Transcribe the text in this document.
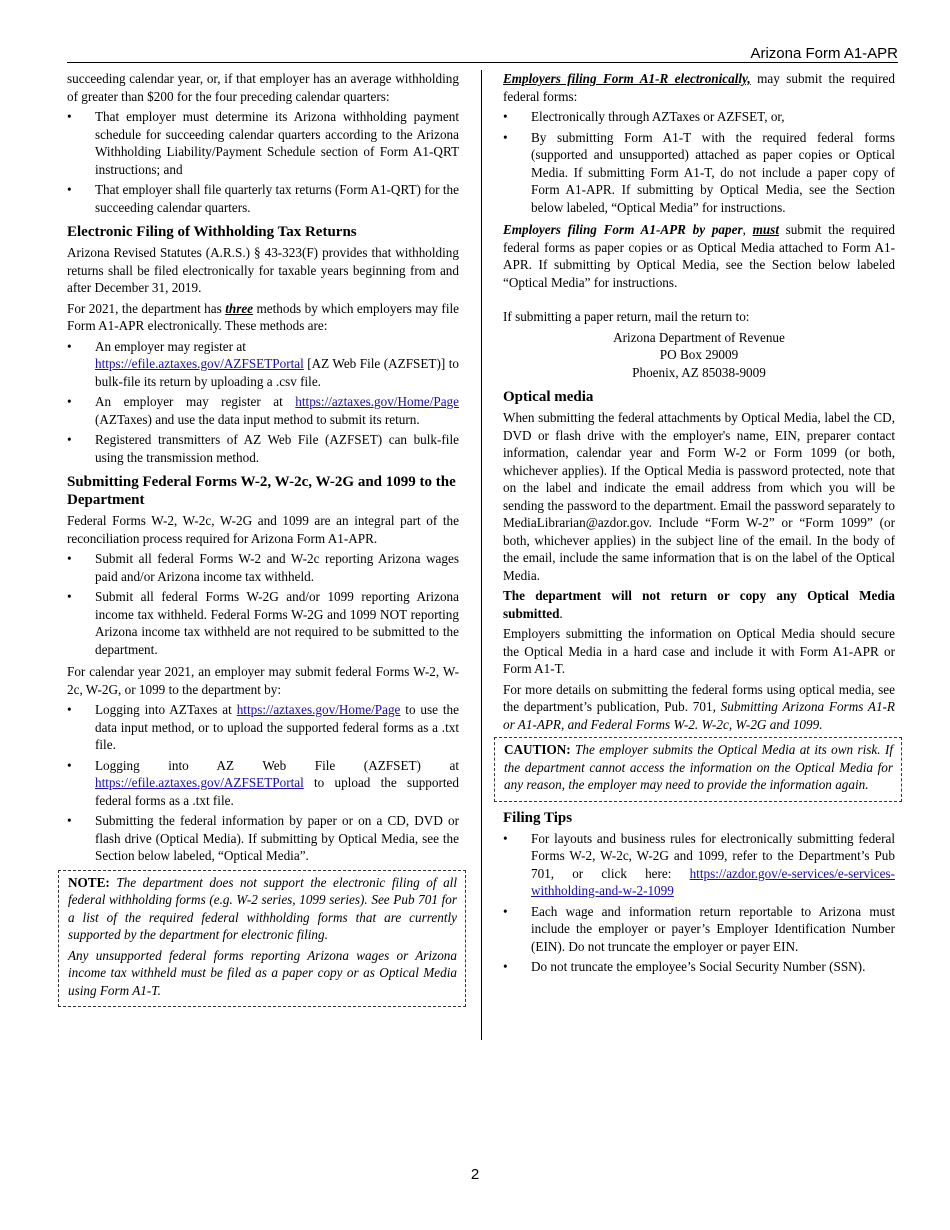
Arizona Form A1-APR

succeeding calendar year, or, if that employer has an average withholding of greater than $200 for the four preceding calendar quarters:

• That employer must determine its Arizona withholding payment schedule for succeeding calendar quarters according to the Arizona Withholding Liability/Payment Schedule section of Form A1-QRT instructions; and
• That employer shall file quarterly tax returns (Form A1-QRT) for the succeeding calendar quarters.
Electronic Filing of Withholding Tax Returns

Arizona Revised Statutes (A.R.S.) § 43-323(F) provides that withholding returns shall be filed electronically for taxable years beginning from and after December 31, 2019.

For 2021, the department has three methods by which employers may file Form A1-APR electronically. These methods are:

• An employer may register at
https://efile.aztaxes.gov/AZFSETPortal [AZ Web File (AZFSET)] to bulk-file its return by uploading a .csv file.
• An employer may register at https://aztaxes.gov/Home/Page (AZTaxes) and use the data input method to submit its return.
• Registered transmitters of AZ Web File (AZFSET) can bulk-file using the transmission method.
Submitting Federal Forms W-2, W-2c, W-2G and 1099 to the Department

Federal Forms W-2, W-2c, W-2G and 1099 are an integral part of the reconciliation process required for Arizona Form A1-APR.

• Submit all federal Forms W-2 and W-2c reporting Arizona wages paid and/or Arizona income tax withheld.
• Submit all federal Forms W-2G and/or 1099 reporting Arizona income tax withheld. Federal Forms W-2G and 1099 NOT reporting Arizona income tax withheld are not required to be submitted to the department.

For calendar year 2021, an employer may submit federal Forms W-2, W-2c, W-2G, or 1099 to the department by:

• Logging into AZTaxes at https://aztaxes.gov/Home/Page to use the data input method, or to upload the supported federal forms as a .txt file.
• Logging into AZ Web File (AZFSET) at https://efile.aztaxes.gov/AZFSETPortal to upload the supported federal forms as a .txt file.
• Submitting the federal information by paper or on a CD, DVD or flash drive (Optical Media). If submitting by Optical Media, see the Section below labeled, “Optical Media”.

NOTE: The department does not support the electronic filing of all federal withholding forms (e.g. W-2 series, 1099 series). See Pub 701 for a list of the required federal withholding forms that are currently supported by the department for electronic filing.

Any unsupported federal forms reporting Arizona wages or Arizona income tax withheld must be filed as a paper copy or as Optical Media using Form A1-T.

Employers filing Form A1-R electronically, may submit the required federal forms:

• Electronically through AZTaxes or AZFSET, or,
• By submitting Form A1-T with the required federal forms (supported and unsupported) attached as paper copies or Optical Media. If submitting Form A1-T, do not include a paper copy of Form A1-APR. If submitting by Optical Media, see the Section below labeled, “Optical Media” for instructions.

Employers filing Form A1-APR by paper, must submit the required federal forms as paper copies or as Optical Media attached to Form A1-APR. If submitting by Optical Media, see the Section below labeled “Optical Media” for instructions.

If submitting a paper return, mail the return to:

Arizona Department of Revenue
PO Box 29009
Phoenix, AZ 85038-9009
Optical media

When submitting the federal attachments by Optical Media, label the CD, DVD or flash drive with the employer's name, EIN, preparer contact information, calendar year and Form W-2 or Form 1099 (or both, whichever applies). If the Optical Media is password protected, note that on the label and indicate the email address from which you will be sending the password to the department. Email the password separately to MediaLibrarian@azdor.gov. Include “Form W-2” or “Form 1099” (or both, whichever applies) in the subject line of the email. In the body of the email, include the same information that is on the label of the Optical Media.

The department will not return or copy any Optical Media submitted.

Employers submitting the information on Optical Media should secure the Optical Media in a hard case and include it with Form A1-APR or Form A1-T.

For more details on submitting the federal forms using optical media, see the department’s publication, Pub. 701, Submitting Arizona Forms A1-R or A1-APR, and Federal Forms W-2. W-2c, W-2G and 1099.

CAUTION: The employer submits the Optical Media at its own risk. If the department cannot access the information on the Optical Media for any reason, the employer may need to provide the information again.

Filing Tips
• For layouts and business rules for electronically submitting federal Forms W-2, W-2c, W-2G and 1099, refer to the Department’s Pub 701, or click here: https://azdor.gov/e-services/e-services-withholding-and-w-2-1099
• Each wage and information return reportable to Arizona must include the employer or payer’s Employer Identification Number (EIN). Do not truncate the employer or payer EIN.
• Do not truncate the employee’s Social Security Number (SSN).
2
